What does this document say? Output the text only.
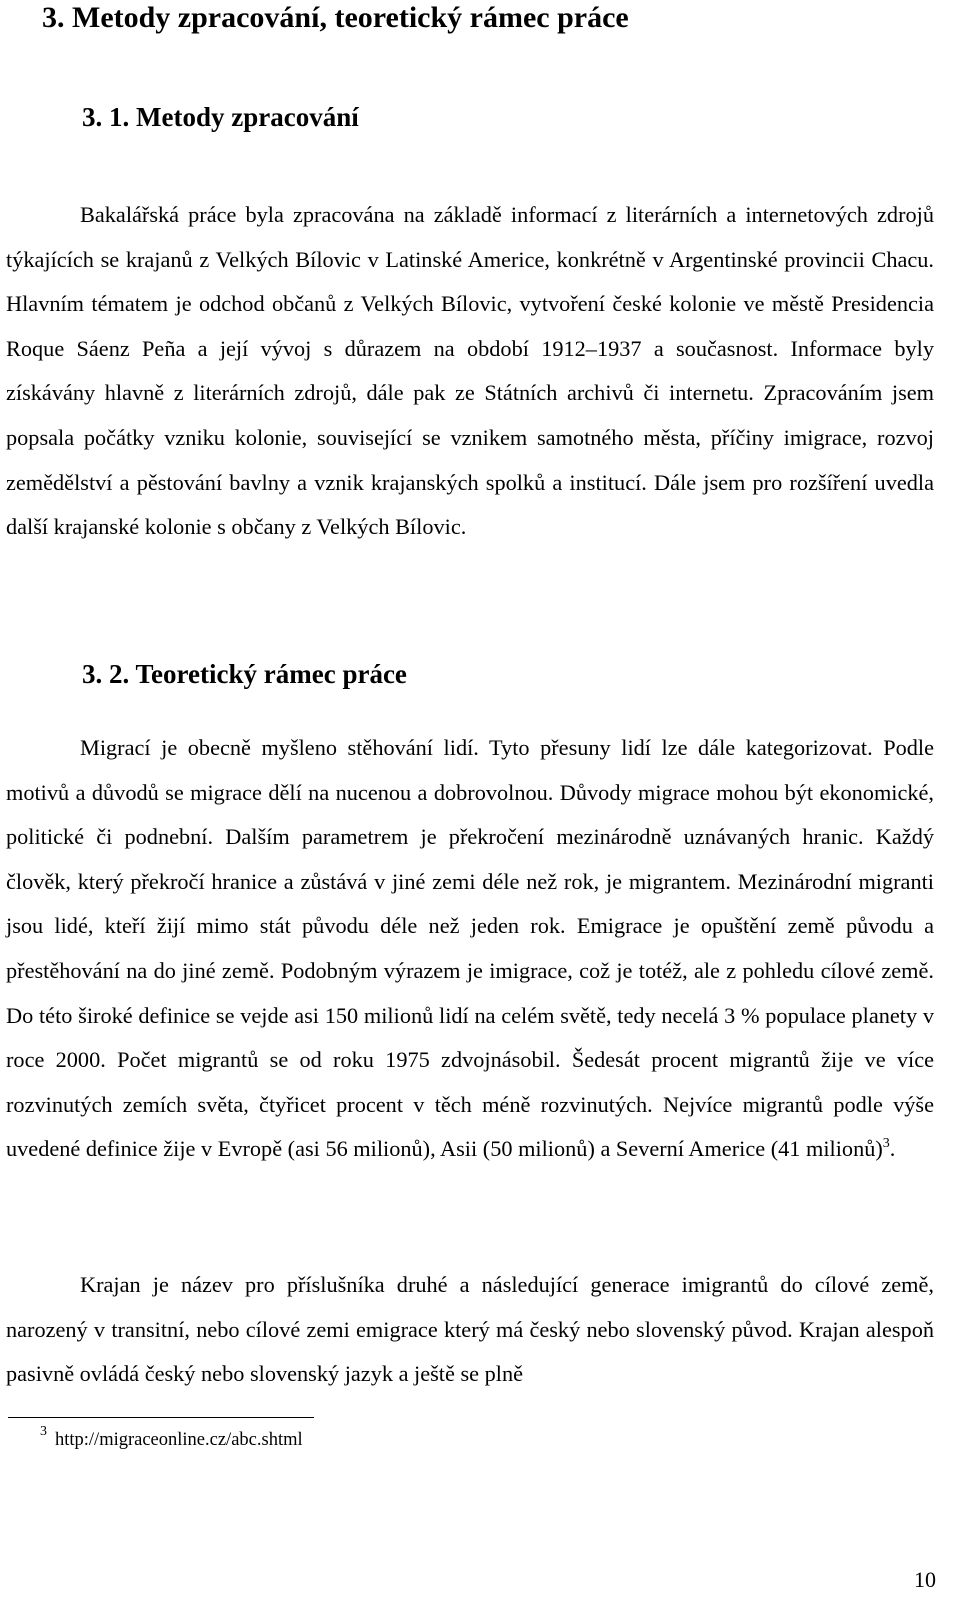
3. Metody zpracování, teoretický rámec práce
3. 1. Metody zpracování

Bakalářská práce byla zpracována na základě informací z literárních a internetových zdrojů týkajících se krajanů z Velkých Bílovic v Latinské Americe, konkrétně v Argentinské provincii Chacu. Hlavním tématem je odchod občanů z Velkých Bílovic, vytvoření české kolonie ve městě Presidencia Roque Sáenz Peña a její vývoj s důrazem na období 1912–1937 a současnost. Informace byly získávány hlavně z literárních zdrojů, dále pak ze Státních archivů či internetu. Zpracováním jsem popsala počátky vzniku kolonie, související se vznikem samotného města, příčiny imigrace, rozvoj zemědělství a pěstování bavlny a vznik krajanských spolků a institucí. Dále jsem pro rozšíření uvedla další krajanské kolonie s občany z Velkých Bílovic.

3. 2. Teoretický rámec práce

Migrací je obecně myšleno stěhování lidí. Tyto přesuny lidí lze dále kategorizovat. Podle motivů a důvodů se migrace dělí na nucenou a dobrovolnou. Důvody migrace mohou být ekonomické, politické či podnební. Dalším parametrem je překročení mezinárodně uznávaných hranic. Každý člověk, který překročí hranice a zůstává v jiné zemi déle než rok, je migrantem. Mezinárodní migranti jsou lidé, kteří žijí mimo stát původu déle než jeden rok. Emigrace je opuštění země původu a přestěhování na do jiné země. Podobným výrazem je imigrace, což je totéž, ale z pohledu cílové země. Do této široké definice se vejde asi 150 milionů lidí na celém světě, tedy necelá 3 % populace planety v roce 2000. Počet migrantů se od roku 1975 zdvojnásobil. Šedesát procent migrantů žije ve více rozvinutých zemích světa, čtyřicet procent v těch méně rozvinutých. Nejvíce migrantů podle výše uvedené definice žije v Evropě (asi 56 milionů), Asii (50 milionů) a Severní Americe (41 milionů)$^3$.

Krajan je název pro příslušníka druhé a následující generace imigrantů do cílové země, narozený v transitní, nebo cílové zemi emigrace který má český nebo slovenský původ. Krajan alespoň pasivně ovládá český nebo slovenský jazyk a ještě se plně

$^3$ http://migraceonline.cz/abc.shtml

10
